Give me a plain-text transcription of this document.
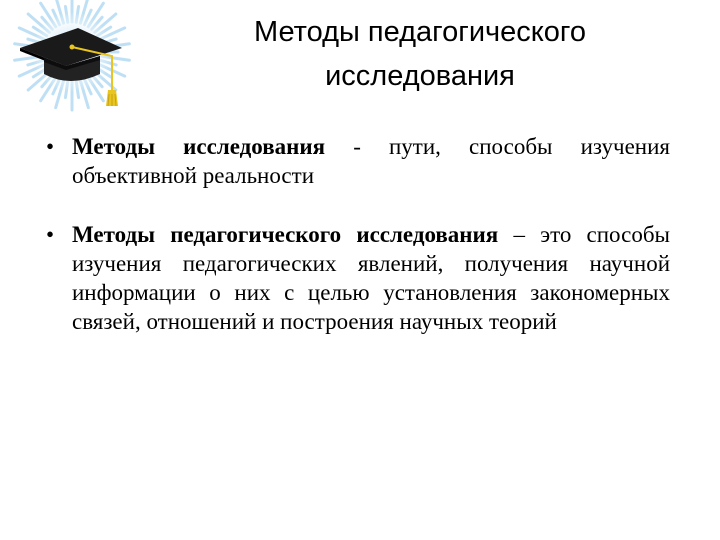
Методы педагогического
исследования

• Методы исследования - пути, способы изучения объективной реальности

• Методы педагогического исследования – это способы изучения педагогических явлений, получения научной информации о них с целью установления закономерных связей, отношений и построения научных теорий
